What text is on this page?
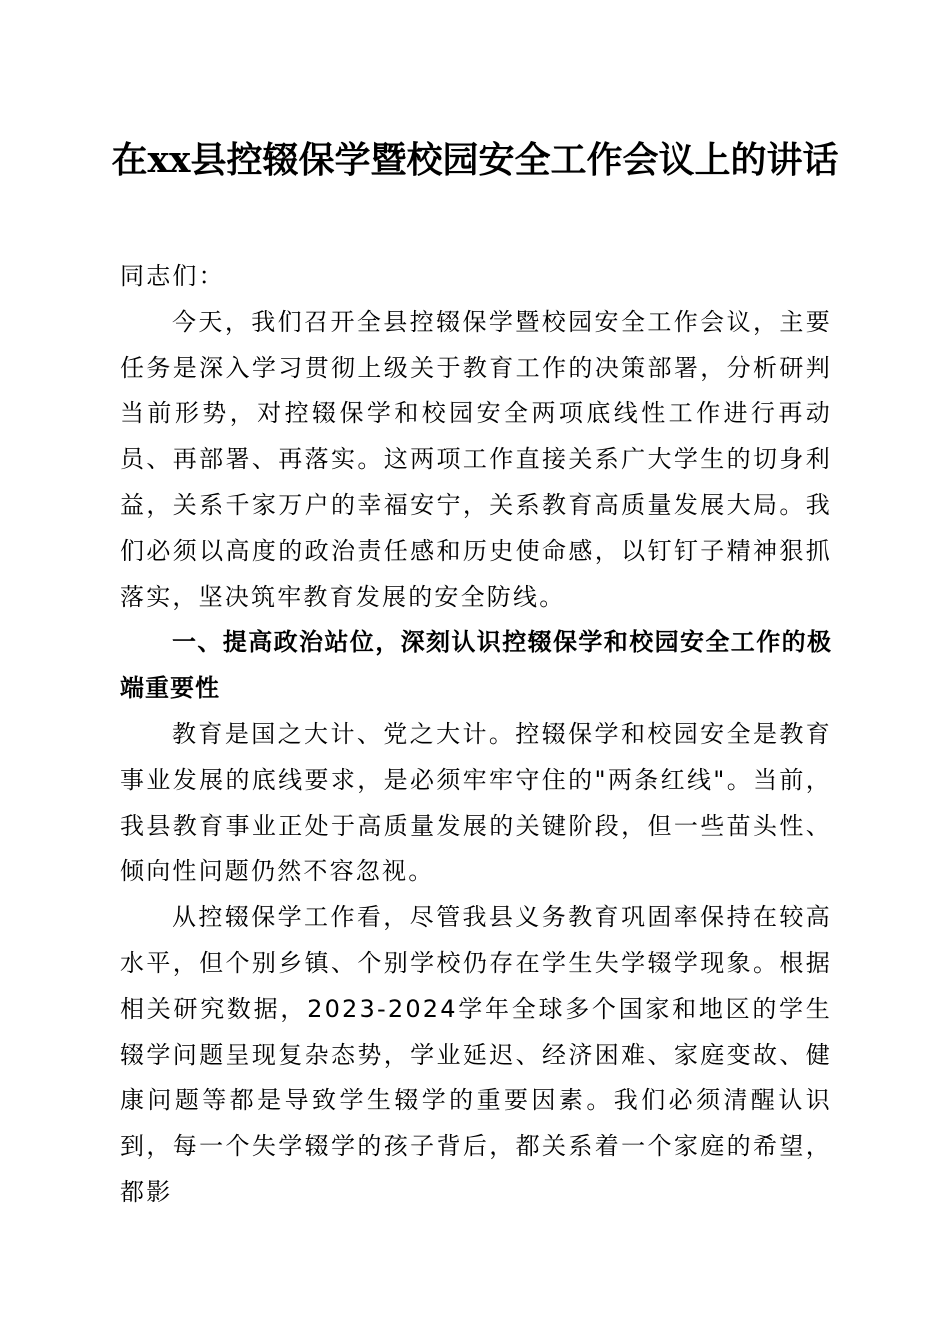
在xx县控辍保学暨校园安全工作会议上的讲话

同志们：

今天，我们召开全县控辍保学暨校园安全工作会议，主要任务是深入学习贯彻上级关于教育工作的决策部署，分析研判当前形势，对控辍保学和校园安全两项底线性工作进行再动员、再部署、再落实。这两项工作直接关系广大学生的切身利益，关系千家万户的幸福安宁，关系教育高质量发展大局。我们必须以高度的政治责任感和历史使命感，以钉钉子精神狠抓落实，坚决筑牢教育发展的安全防线。

一、提高政治站位，深刻认识控辍保学和校园安全工作的极端重要性

教育是国之大计、党之大计。控辍保学和校园安全是教育事业发展的底线要求，是必须牢牢守住的"两条红线"。当前，我县教育事业正处于高质量发展的关键阶段，但一些苗头性、倾向性问题仍然不容忽视。

从控辍保学工作看，尽管我县义务教育巩固率保持在较高水平，但个别乡镇、个别学校仍存在学生失学辍学现象。根据相关研究数据，2023-2024学年全球多个国家和地区的学生辍学问题呈现复杂态势，学业延迟、经济困难、家庭变故、健康问题等都是导致学生辍学的重要因素。我们必须清醒认识到，每一个失学辍学的孩子背后，都关系着一个家庭的希望，都影
